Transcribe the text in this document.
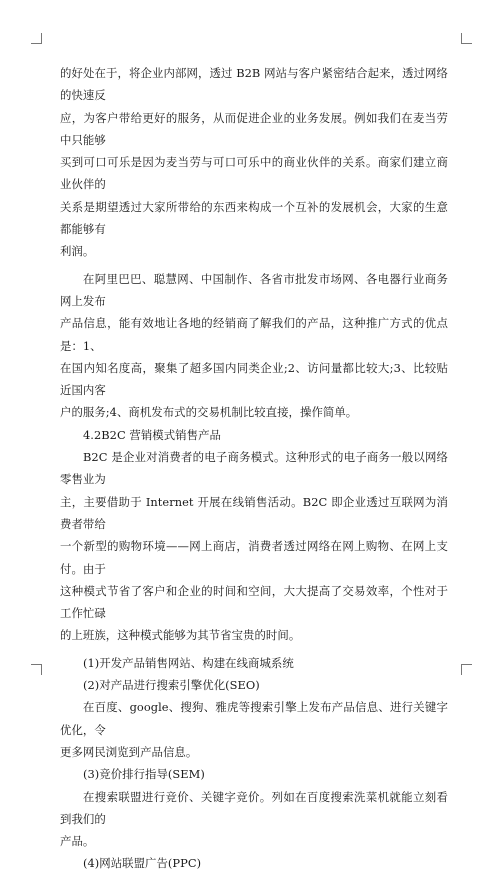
的好处在于，将企业内部网，透过 B2B 网站与客户紧密结合起来，透过网络的快速反

应，为客户带给更好的服务，从而促进企业的业务发展。例如我们在麦当劳中只能够

买到可口可乐是因为麦当劳与可口可乐中的商业伙伴的关系。商家们建立商业伙伴的

关系是期望透过大家所带给的东西来构成一个互补的发展机会，大家的生意都能够有

利润。

在阿里巴巴、聪慧网、中国制作、各省市批发市场网、各电器行业商务网上发布

产品信息，能有效地让各地的经销商了解我们的产品，这种推广方式的优点是：1、

在国内知名度高，聚集了超多国内同类企业;2、访问量都比较大;3、比较贴近国内客

户的服务;4、商机发布式的交易机制比较直接，操作简单。

4.2B2C 营销模式销售产品

B2C 是企业对消费者的电子商务模式。这种形式的电子商务一般以网络零售业为

主，主要借助于 Internet 开展在线销售活动。B2C 即企业透过互联网为消费者带给

一个新型的购物环境——网上商店，消费者透过网络在网上购物、在网上支付。由于

这种模式节省了客户和企业的时间和空间，大大提高了交易效率，个性对于工作忙碌

的上班族，这种模式能够为其节省宝贵的时间。

(1)开发产品销售网站、构建在线商城系统

(2)对产品进行搜索引擎优化(SEO)

在百度、google、搜狗、雅虎等搜索引擎上发布产品信息、进行关键字优化，令

更多网民浏览到产品信息。

(3)竞价排行指导(SEM)

在搜索联盟进行竞价、关键字竞价。列如在百度搜索洗菜机就能立刻看到我们的

产品。

(4)网站联盟广告(PPC)
